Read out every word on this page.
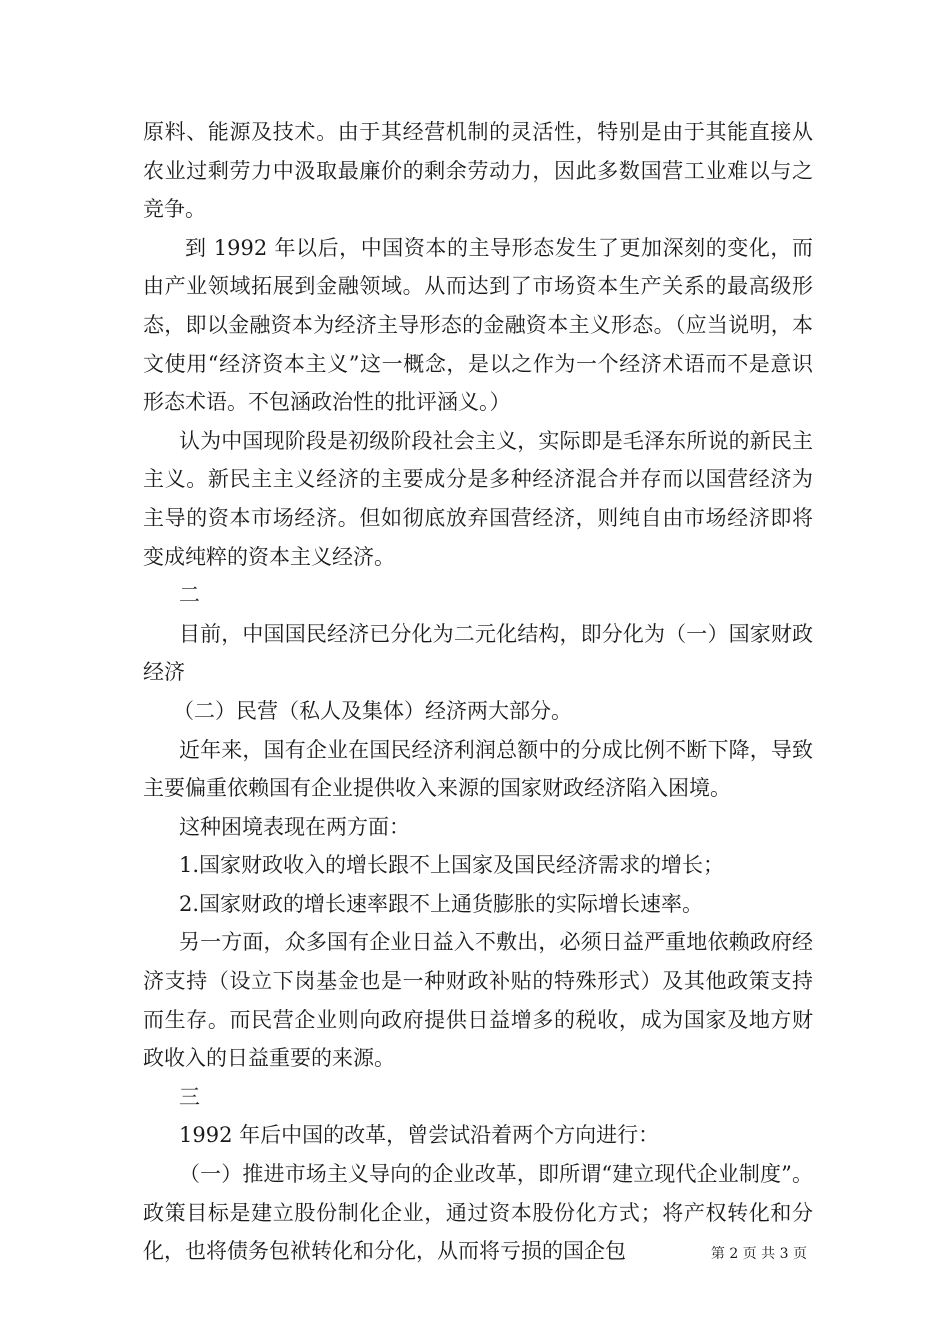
原料、能源及技术。由于其经营机制的灵活性，特别是由于其能直接从农业过剩劳力中汲取最廉价的剩余劳动力，因此多数国营工业难以与之竞争。

到 1992 年以后，中国资本的主导形态发生了更加深刻的变化，而由产业领域拓展到金融领域。从而达到了市场资本生产关系的最高级形态，即以金融资本为经济主导形态的金融资本主义形态。（应当说明，本文使用“经济资本主义”这一概念，是以之作为一个经济术语而不是意识形态术语。不包涵政治性的批评涵义。）

认为中国现阶段是初级阶段社会主义，实际即是毛泽东所说的新民主主义。新民主主义经济的主要成分是多种经济混合并存而以国营经济为主导的资本市场经济。但如彻底放弃国营经济，则纯自由市场经济即将变成纯粹的资本主义经济。

二

目前，中国国民经济已分化为二元化结构，即分化为（一）国家财政经济

（二）民营（私人及集体）经济两大部分。

近年来，国有企业在国民经济利润总额中的分成比例不断下降，导致主要偏重依赖国有企业提供收入来源的国家财政经济陷入困境。

这种困境表现在两方面：

1.国家财政收入的增长跟不上国家及国民经济需求的增长；

2.国家财政的增长速率跟不上通货膨胀的实际增长速率。

另一方面，众多国有企业日益入不敷出，必须日益严重地依赖政府经济支持（设立下岗基金也是一种财政补贴的特殊形式）及其他政策支持而生存。而民营企业则向政府提供日益增多的税收，成为国家及地方财政收入的日益重要的来源。

三

1992 年后中国的改革，曾尝试沿着两个方向进行：

（一）推进市场主义导向的企业改革，即所谓“建立现代企业制度”。政策目标是建立股份制化企业，通过资本股份化方式；将产权转化和分化，也将债务包袱转化和分化，从而将亏损的国企包	第 2 页 共 3 页
